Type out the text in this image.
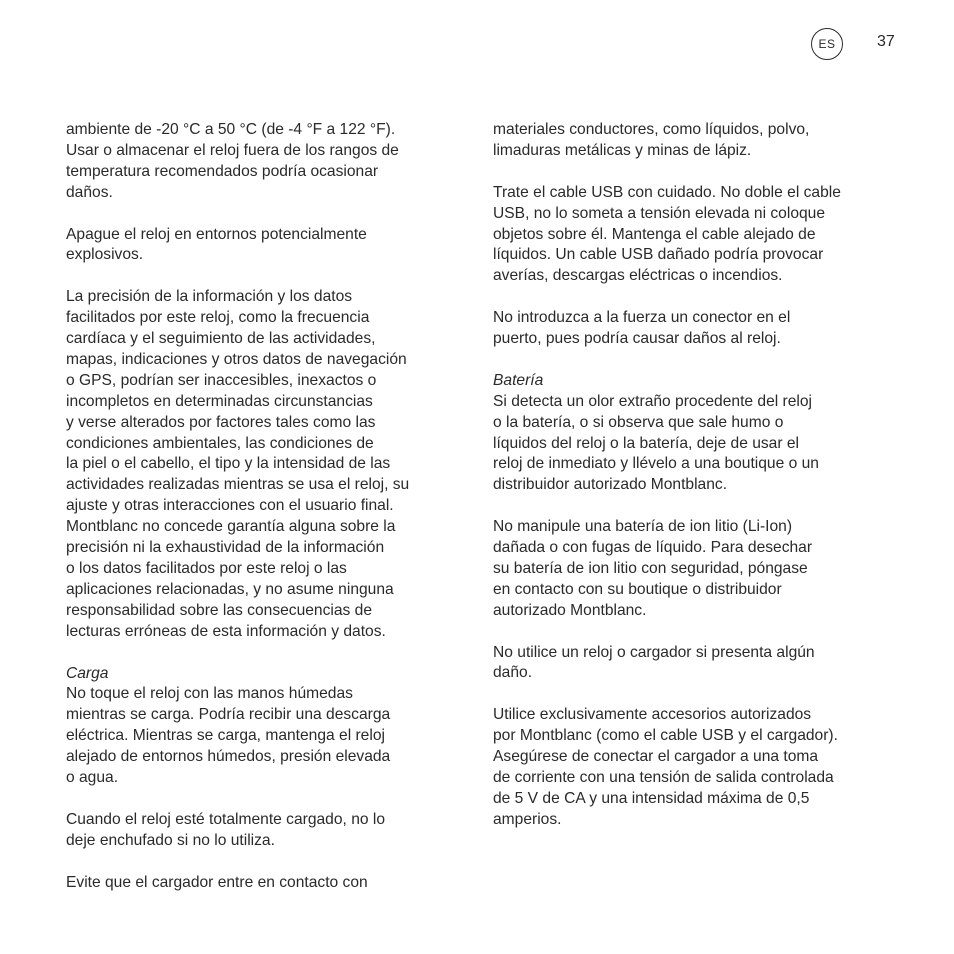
ES	37

ambiente de -20 °C a 50 °C (de -4 °F a 122 °F).
Usar o almacenar el reloj fuera de los rangos de
temperatura recomendados podría ocasionar
daños.

Apague el reloj en entornos potencialmente
explosivos.

La precisión de la información y los datos
facilitados por este reloj, como la frecuencia
cardíaca y el seguimiento de las actividades,
mapas, indicaciones y otros datos de navegación
o GPS, podrían ser inaccesibles, inexactos o
incompletos en determinadas circunstancias
y verse alterados por factores tales como las
condiciones ambientales, las condiciones de
la piel o el cabello, el tipo y la intensidad de las
actividades realizadas mientras se usa el reloj, su
ajuste y otras interacciones con el usuario final.
Montblanc no concede garantía alguna sobre la
precisión ni la exhaustividad de la información
o los datos facilitados por este reloj o las
aplicaciones relacionadas, y no asume ninguna
responsabilidad sobre las consecuencias de
lecturas erróneas de esta información y datos.

Carga

No toque el reloj con las manos húmedas
mientras se carga. Podría recibir una descarga
eléctrica. Mientras se carga, mantenga el reloj
alejado de entornos húmedos, presión elevada
o agua.

Cuando el reloj esté totalmente cargado, no lo
deje enchufado si no lo utiliza.

Evite que el cargador entre en contacto con

materiales conductores, como líquidos, polvo,
limaduras metálicas y minas de lápiz.

Trate el cable USB con cuidado. No doble el cable
USB, no lo someta a tensión elevada ni coloque
objetos sobre él. Mantenga el cable alejado de
líquidos. Un cable USB dañado podría provocar
averías, descargas eléctricas o incendios.

No introduzca a la fuerza un conector en el
puerto, pues podría causar daños al reloj.

Batería

Si detecta un olor extraño procedente del reloj
o la batería, o si observa que sale humo o
líquidos del reloj o la batería, deje de usar el
reloj de inmediato y llévelo a una boutique o un
distribuidor autorizado Montblanc.

No manipule una batería de ion litio (Li-Ion)
dañada o con fugas de líquido. Para desechar
su batería de ion litio con seguridad, póngase
en contacto con su boutique o distribuidor
autorizado Montblanc.

No utilice un reloj o cargador si presenta algún
daño.

Utilice exclusivamente accesorios autorizados
por Montblanc (como el cable USB y el cargador).
Asegúrese de conectar el cargador a una toma
de corriente con una tensión de salida controlada
de 5 V de CA y una intensidad máxima de 0,5
amperios.
